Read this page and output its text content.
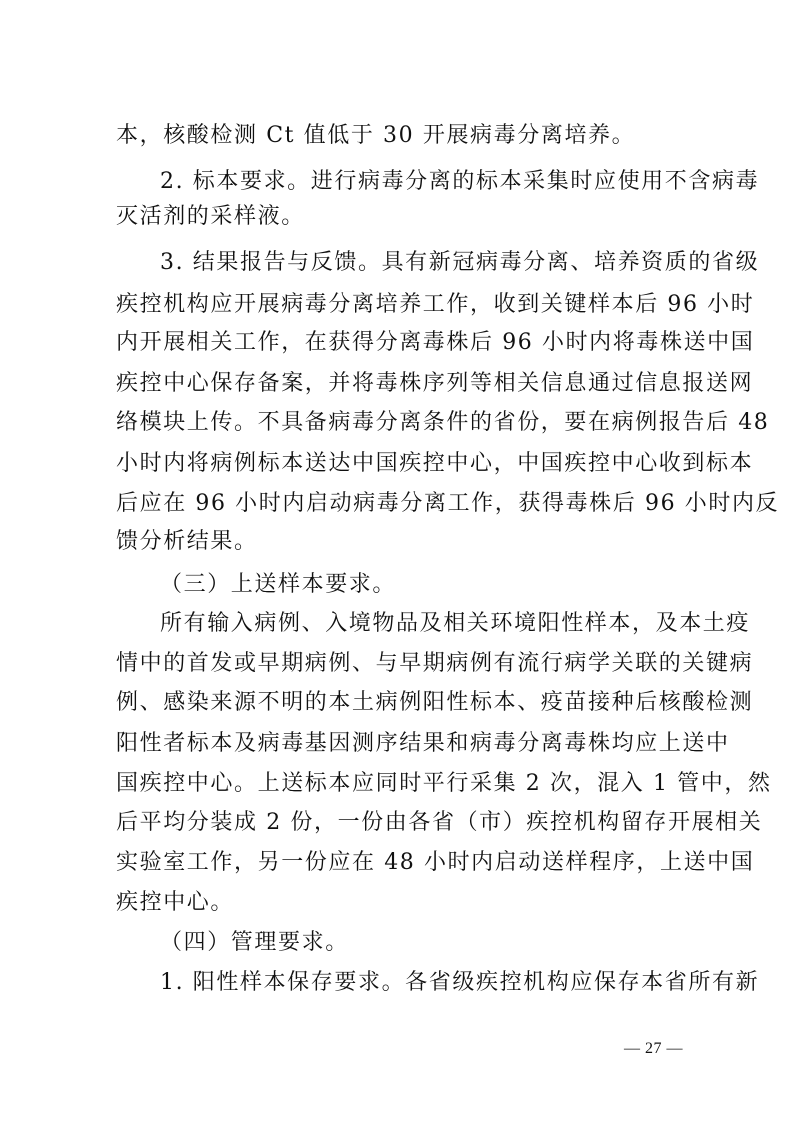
本，核酸检测 Ct 值低于 30 开展病毒分离培养。
2. 标本要求。进行病毒分离的标本采集时应使用不含病毒
灭活剂的采样液。
3. 结果报告与反馈。具有新冠病毒分离、培养资质的省级
疾控机构应开展病毒分离培养工作，收到关键样本后 96 小时
内开展相关工作，在获得分离毒株后 96 小时内将毒株送中国
疾控中心保存备案，并将毒株序列等相关信息通过信息报送网
络模块上传。不具备病毒分离条件的省份，要在病例报告后 48
小时内将病例标本送达中国疾控中心，中国疾控中心收到标本
后应在 96 小时内启动病毒分离工作，获得毒株后 96 小时内反
馈分析结果。
（三）上送样本要求。
所有输入病例、入境物品及相关环境阳性样本，及本土疫
情中的首发或早期病例、与早期病例有流行病学关联的关键病
例、感染来源不明的本土病例阳性标本、疫苗接种后核酸检测
阳性者标本及病毒基因测序结果和病毒分离毒株均应上送中
国疾控中心。上送标本应同时平行采集 2 次，混入 1 管中，然
后平均分装成 2 份，一份由各省（市）疾控机构留存开展相关
实验室工作，另一份应在 48 小时内启动送样程序，上送中国
疾控中心。
（四）管理要求。
1. 阳性样本保存要求。各省级疾控机构应保存本省所有新
— 27 —
